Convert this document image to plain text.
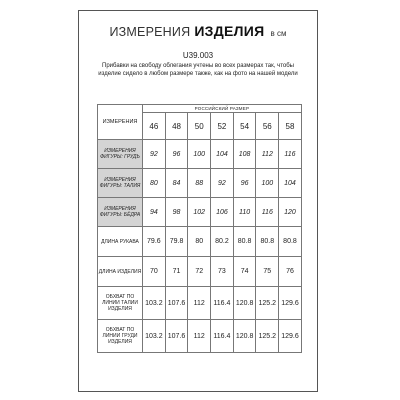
ИЗМЕРЕНИЯ ИЗДЕЛИЯ в см
U39.003
Прибавки на свободу облегания учтены во всех размерах так, чтобы изделие сидело в любом размере также, как на фото на нашей модели
ИЗМЕРЕНИЯ	РОССИЙСКИЙ РАЗМЕР						
	46	48	50	52	54	56	58
ИЗМЕРЕНИЯ ФИГУРЫ: ГРУДЬ	92	96	100	104	108	112	116
ИЗМЕРЕНИЯ ФИГУРЫ: ТАЛИЯ	80	84	88	92	96	100	104
ИЗМЕРЕНИЯ ФИГУРЫ: БЁДРА	94	98	102	106	110	116	120
ДЛИНА РУКАВА	79.6	79.8	80	80.2	80.8	80.8	80.8
ДЛИНА ИЗДЕЛИЯ	70	71	72	73	74	75	76
ОБХВАТ ПО ЛИНИИ ТАЛИИ ИЗДЕЛИЯ	103.2	107.6	112	116.4	120.8	125.2	129.6
ОБХВАТ ПО ЛИНИИ ГРУДИ ИЗДЕЛИЯ	103.2	107.6	112	116.4	120.8	125.2	129.6
